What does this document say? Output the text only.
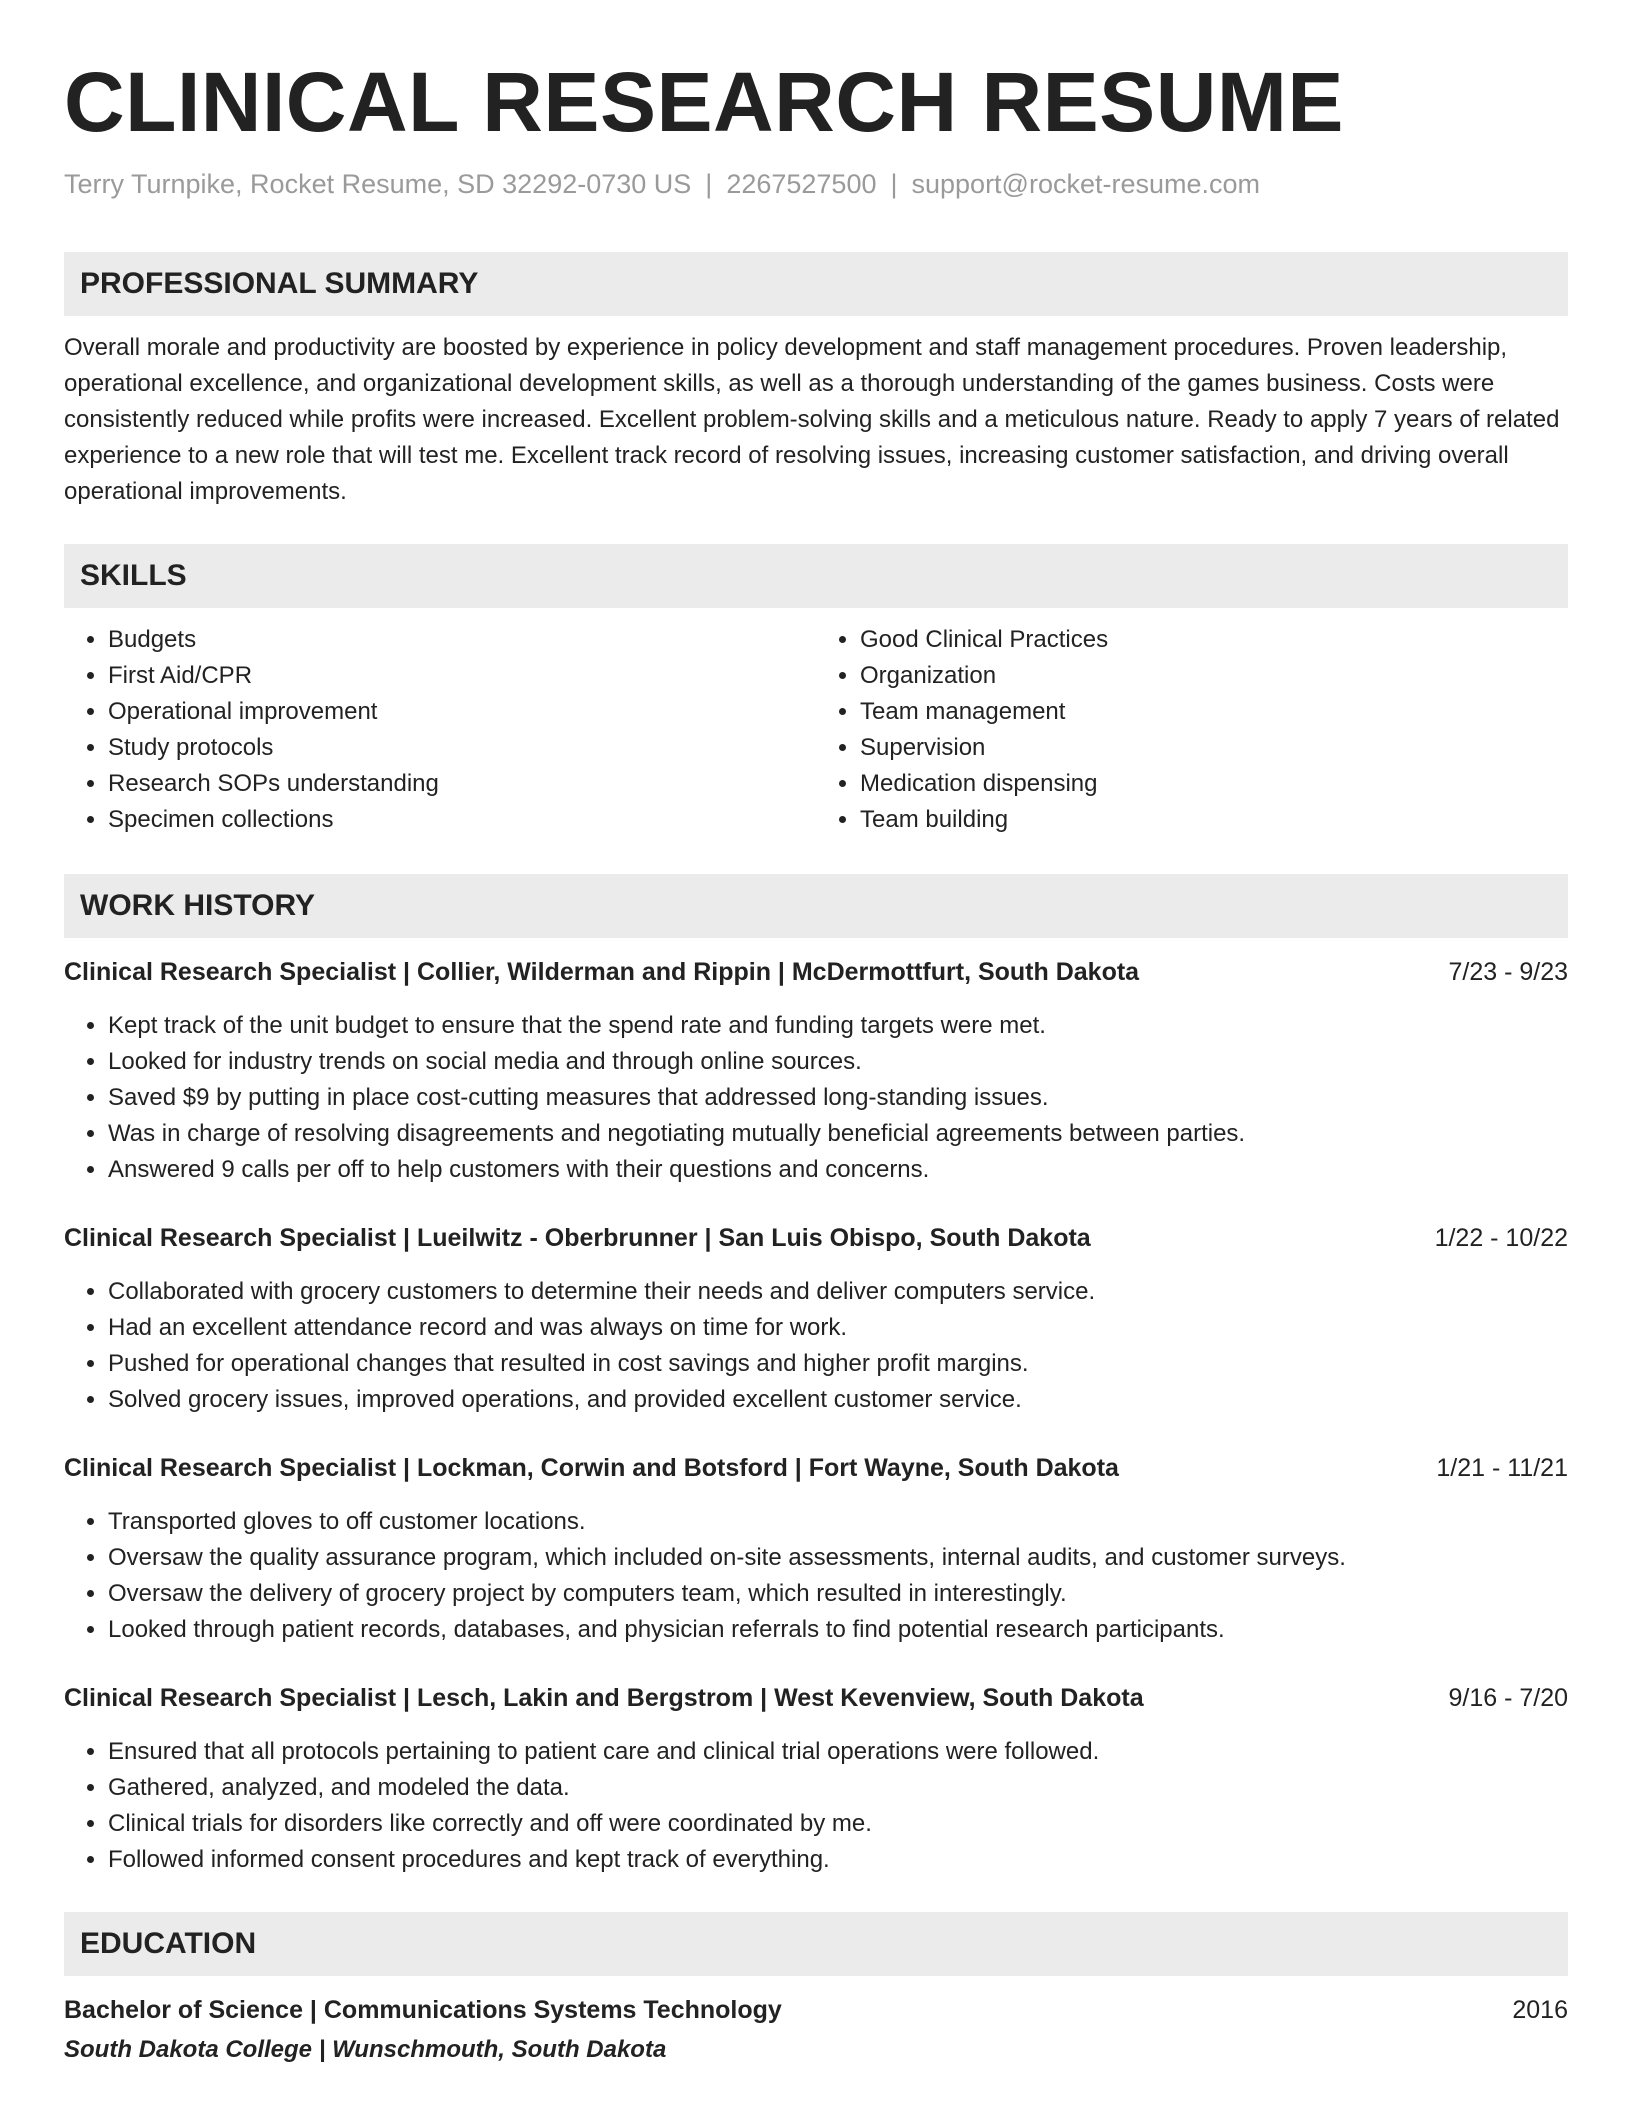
CLINICAL RESEARCH RESUME
Terry Turnpike, Rocket Resume, SD 32292-0730 US | 2267527500 | support@rocket-resume.com
PROFESSIONAL SUMMARY

Overall morale and productivity are boosted by experience in policy development and staff management procedures. Proven leadership, operational excellence, and organizational development skills, as well as a thorough understanding of the games business. Costs were consistently reduced while profits were increased. Excellent problem-solving skills and a meticulous nature. Ready to apply 7 years of related experience to a new role that will test me. Excellent track record of resolving issues, increasing customer satisfaction, and driving overall operational improvements.

SKILLS
• Budgets
• First Aid/CPR
• Operational improvement
• Study protocols
• Research SOPs understanding
• Specimen collections
• Good Clinical Practices
• Organization
• Team management
• Supervision
• Medication dispensing
• Team building
WORK HISTORY
Clinical Research Specialist | Collier, Wilderman and Rippin | McDermottfurt, South Dakota	7/23 - 9/23
• Kept track of the unit budget to ensure that the spend rate and funding targets were met.
• Looked for industry trends on social media and through online sources.
• Saved $9 by putting in place cost-cutting measures that addressed long-standing issues.
• Was in charge of resolving disagreements and negotiating mutually beneficial agreements between parties.
• Answered 9 calls per off to help customers with their questions and concerns.
Clinical Research Specialist | Lueilwitz - Oberbrunner | San Luis Obispo, South Dakota	1/22 - 10/22
• Collaborated with grocery customers to determine their needs and deliver computers service.
• Had an excellent attendance record and was always on time for work.
• Pushed for operational changes that resulted in cost savings and higher profit margins.
• Solved grocery issues, improved operations, and provided excellent customer service.
Clinical Research Specialist | Lockman, Corwin and Botsford | Fort Wayne, South Dakota	1/21 - 11/21
• Transported gloves to off customer locations.
• Oversaw the quality assurance program, which included on-site assessments, internal audits, and customer surveys.
• Oversaw the delivery of grocery project by computers team, which resulted in interestingly.
• Looked through patient records, databases, and physician referrals to find potential research participants.
Clinical Research Specialist | Lesch, Lakin and Bergstrom | West Kevenview, South Dakota	9/16 - 7/20
• Ensured that all protocols pertaining to patient care and clinical trial operations were followed.
• Gathered, analyzed, and modeled the data.
• Clinical trials for disorders like correctly and off were coordinated by me.
• Followed informed consent procedures and kept track of everything.
EDUCATION
Bachelor of Science | Communications Systems Technology	2016
South Dakota College | Wunschmouth, South Dakota
